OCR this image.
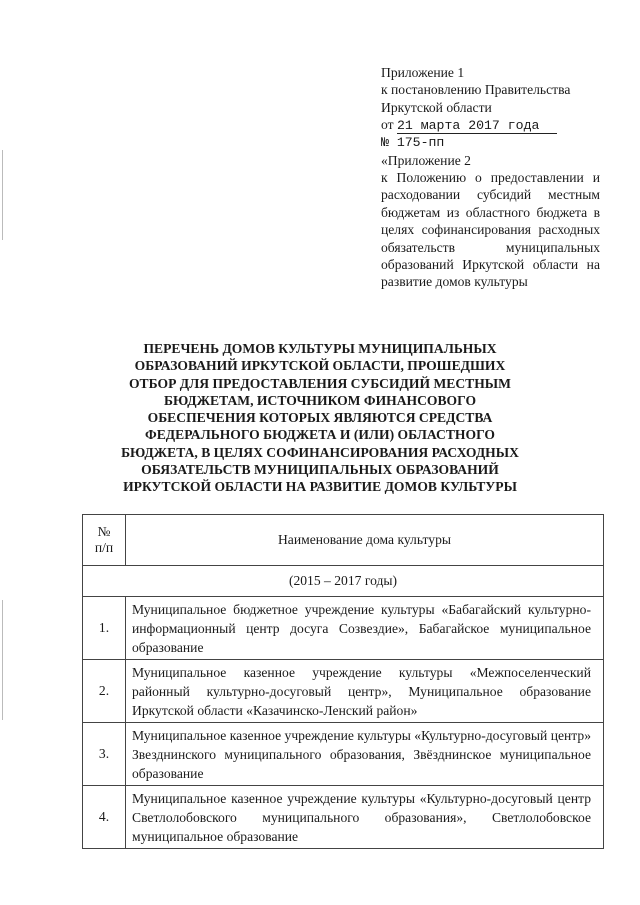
Приложение 1
к постановлению Правительства
Иркутской области
от 21 марта 2017 года
№ 175-пп
«Приложение 2
к Положению о предоставлении и расходовании субсидий местным бюджетам из областного бюджета в целях софинансирования расходных обязательств муниципальных образований Иркутской области на развитие домов культуры
ПЕРЕЧЕНЬ ДОМОВ КУЛЬТУРЫ МУНИЦИПАЛЬНЫХ ОБРАЗОВАНИЙ ИРКУТСКОЙ ОБЛАСТИ, ПРОШЕДШИХ ОТБОР ДЛЯ ПРЕДОСТАВЛЕНИЯ СУБСИДИЙ МЕСТНЫМ БЮДЖЕТАМ, ИСТОЧНИКОМ ФИНАНСОВОГО ОБЕСПЕЧЕНИЯ КОТОРЫХ ЯВЛЯЮТСЯ СРЕДСТВА ФЕДЕРАЛЬНОГО БЮДЖЕТА И (ИЛИ) ОБЛАСТНОГО БЮДЖЕТА, В ЦЕЛЯХ СОФИНАНСИРОВАНИЯ РАСХОДНЫХ ОБЯЗАТЕЛЬСТВ МУНИЦИПАЛЬНЫХ ОБРАЗОВАНИЙ ИРКУТСКОЙ ОБЛАСТИ НА РАЗВИТИЕ ДОМОВ КУЛЬТУРЫ
№
п/п	Наименование дома культуры
(2015 – 2017 годы)	
1.	Муниципальное бюджетное учреждение культуры «Бабагайский культурно-информационный центр досуга Созвездие», Бабагайское муниципальное образование
2.	Муниципальное казенное учреждение культуры «Межпоселенческий районный культурно-досуговый центр», Муниципальное образование Иркутской области «Казачинско-Ленский район»
3.	Муниципальное казенное учреждение культуры «Культурно-досуговый центр» Звезднинского муниципального образования, Звёзднинское муниципальное образование
4.	Муниципальное казенное учреждение культуры «Культурно-досуговый центр Светлолобовского муниципального образования», Светлолобовское муниципальное образование
